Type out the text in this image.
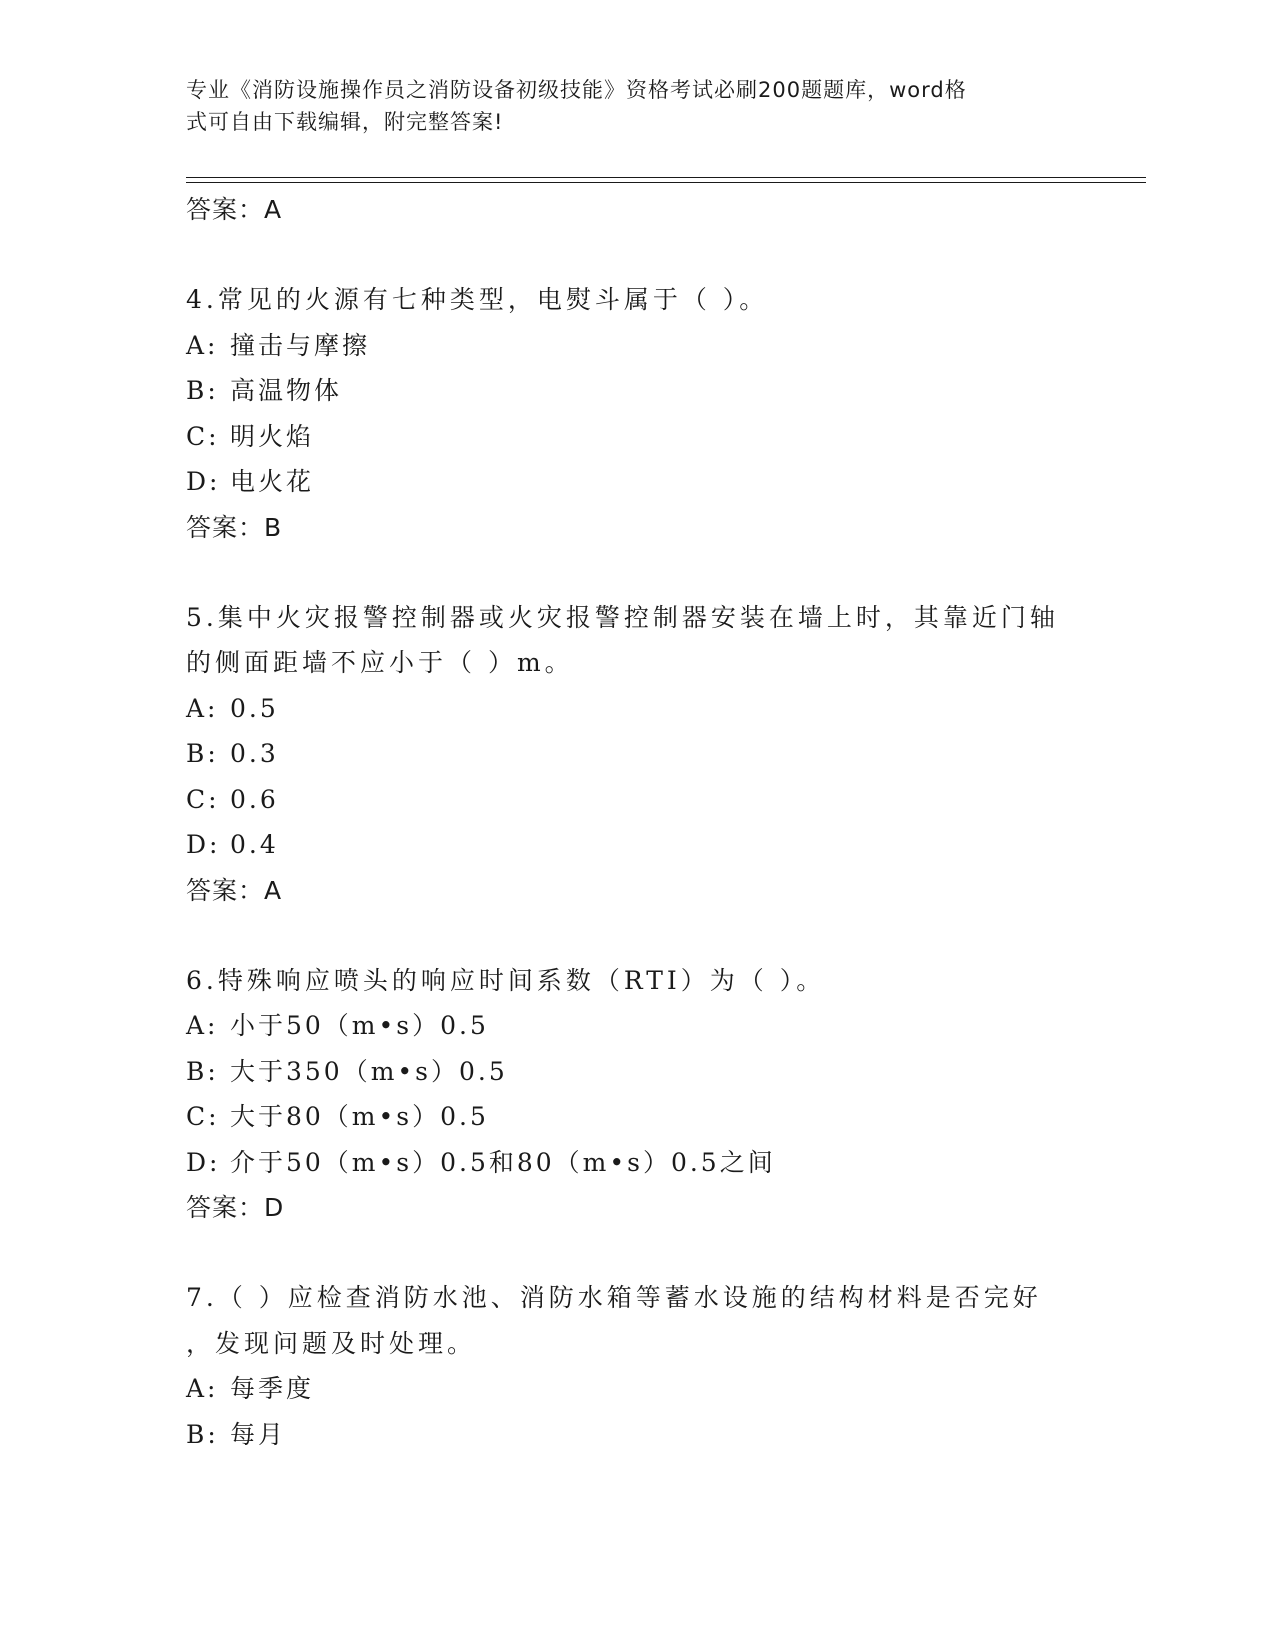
专业《消防设施操作员之消防设备初级技能》资格考试必刷200题题库，word格
式可自由下载编辑，附完整答案!
答案：A
4.常见的火源有七种类型，电熨斗属于（ ）。
A: 撞击与摩擦
B: 高温物体
C: 明火焰
D: 电火花
答案：B
5.集中火灾报警控制器或火灾报警控制器安装在墙上时，其靠近门轴
的侧面距墙不应小于（ ）m。
A: 0.5
B: 0.3
C: 0.6
D: 0.4
答案：A
6.特殊响应喷头的响应时间系数（RTI）为（ ）。
A: 小于50（m•s）0.5
B: 大于350（m•s）0.5
C: 大于80（m•s）0.5
D: 介于50（m•s）0.5和80（m•s）0.5之间
答案：D
7.（ ）应检查消防水池、消防水箱等蓄水设施的结构材料是否完好
，发现问题及时处理。
A: 每季度
B: 每月
